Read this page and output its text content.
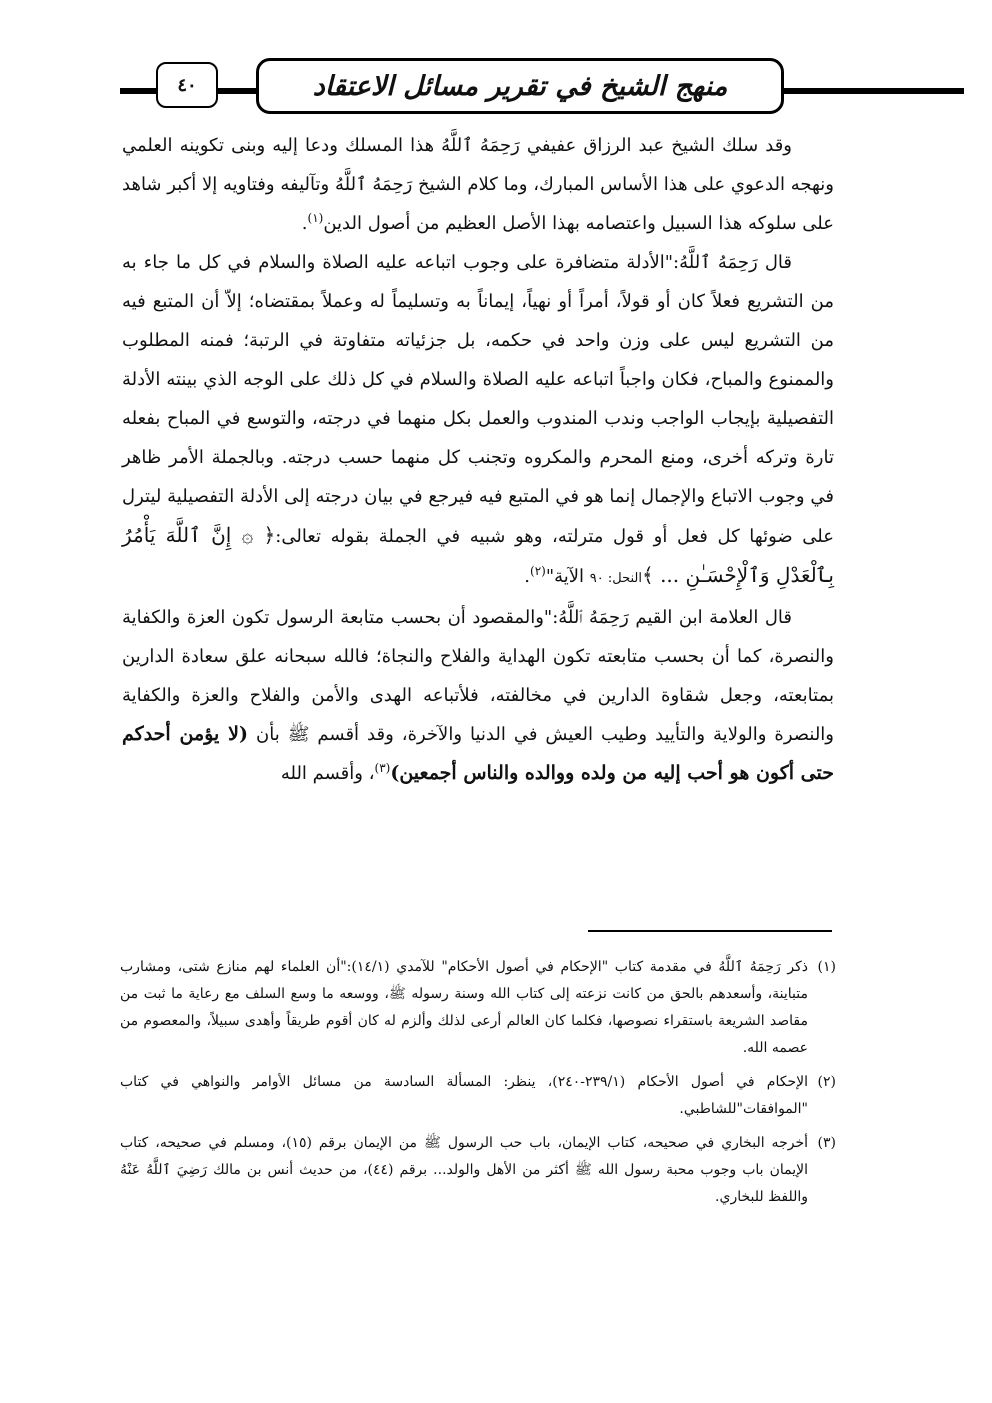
منهج الشيخ في تقرير مسائل الاعتقاد
٤٠

وقد سلك الشيخ عبد الرزاق عفيفي رَحِمَهُ ٱللَّهُ هذا المسلك ودعا إليه وبنى تكوينه العلمي ونهجه الدعوي على هذا الأساس المبارك، وما كلام الشيخ رَحِمَهُ ٱللَّهُ وتآليفه وفتاويه إلا أكبر شاهد على سلوكه هذا السبيل واعتصامه بهذا الأصل العظيم من أصول الدين$^{(١)}$.

قال رَحِمَهُ ٱللَّهُ:"الأدلة متضافرة على وجوب اتباعه عليه الصلاة والسلام في كل ما جاء به من التشريع فعلاً كان أو قولاً، أمراً أو نهياً، إيماناً به وتسليماً له وعملاً بمقتضاه؛ إلاّ أن المتبع فيه من التشريع ليس على وزن واحد في حكمه، بل جزئياته متفاوتة في الرتبة؛ فمنه المطلوب والممنوع والمباح، فكان واجباً اتباعه عليه الصلاة والسلام في كل ذلك على الوجه الذي بينته الأدلة التفصيلية بإيجاب الواجب وندب المندوب والعمل بكل منهما في درجته، والتوسع في المباح بفعله تارة وتركه أخرى، ومنع المحرم والمكروه وتجنب كل منهما حسب درجته. وبالجملة الأمر ظاهر في وجوب الاتباع والإجمال إنما هو في المتبع فيه فيرجع في بيان درجته إلى الأدلة التفصيلية ليترل على ضوئها كل فعل أو قول مترلته، وهو شبيه في الجملة بقوله تعالى:﴿ ۞ إِنَّ ٱللَّهَ يَأْمُرُ بِٱلْعَدْلِ وَٱلْإِحْسَـٰنِ ... ﴾النحل: ٩٠ الآية"$^{(٢)}$.

قال العلامة ابن القيم رَحِمَهُ ٱللَّهُ:"والمقصود أن بحسب متابعة الرسول تكون العزة والكفاية والنصرة، كما أن بحسب متابعته تكون الهداية والفلاح والنجاة؛ فالله سبحانه علق سعادة الدارين بمتابعته، وجعل شقاوة الدارين في مخالفته، فلأتباعه الهدى والأمن والفلاح والعزة والكفاية والنصرة والولاية والتأييد وطيب العيش في الدنيا والآخرة، وقد أقسم ﷺ بأن (لا يؤمن أحدكم حتى أكون هو أحب إليه من ولده ووالده والناس أجمعين)$^{(٣)}$، وأقسم الله

(١)
ذكر رَحِمَهُ ٱللَّهُ في مقدمة كتاب "الإحكام في أصول الأحكام" للآمدي (١٤/١):"أن العلماء لهم منازع شتى، ومشارب متباينة، وأسعدهم بالحق من كانت نزعته إلى كتاب الله وسنة رسوله ﷺ، ووسعه ما وسع السلف مع رعاية ما ثبت من مقاصد الشريعة باستقراء نصوصها، فكلما كان العالم أرعى لذلك وألزم له كان أقوم طريقاً وأهدى سبيلاً، والمعصوم من عصمه الله.
(٢)
الإحكام في أصول الأحكام (٢٣٩/١-٢٤٠)، ينظر: المسألة السادسة من مسائل الأوامر والنواهي في كتاب "الموافقات"للشاطبي.
(٣)
أخرجه البخاري في صحيحه، كتاب الإيمان، باب حب الرسول ﷺ من الإيمان برقم (١٥)، ومسلم في صحيحه، كتاب الإيمان باب وجوب محبة رسول الله ﷺ أكثر من الأهل والولد... برقم (٤٤)، من حديث أنس بن مالك رَضِيَ ٱللَّهُ عَنْهُ واللفظ للبخاري.
